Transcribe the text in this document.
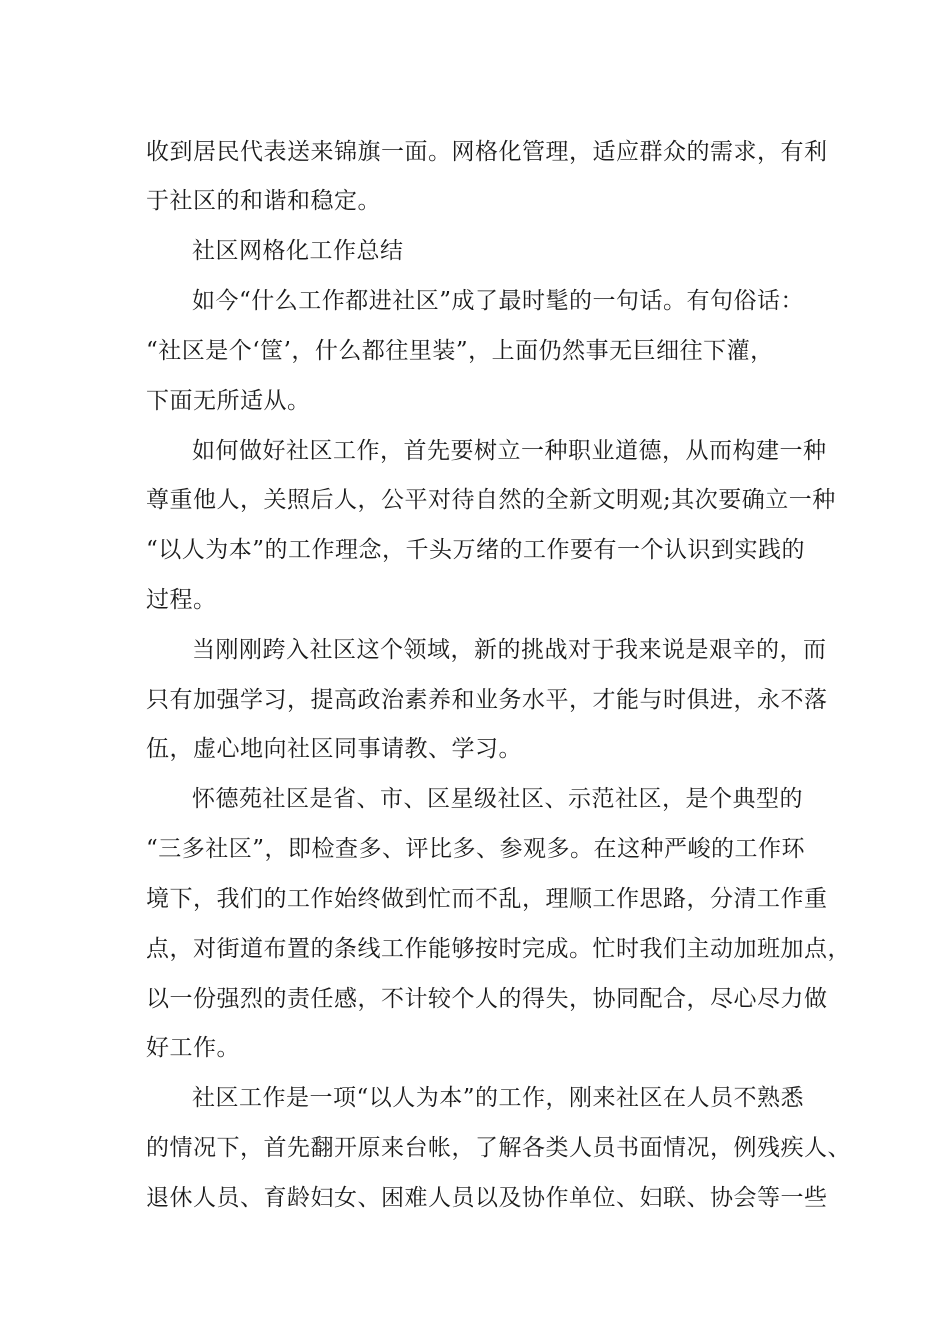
收到居民代表送来锦旗一面。网格化管理，适应群众的需求，有利
于社区的和谐和稳定。
社区网格化工作总结
如今“什么工作都进社区”成了最时髦的一句话。有句俗话：
“社区是个‘筐’，什么都往里装”，上面仍然事无巨细往下灌，
下面无所适从。
如何做好社区工作，首先要树立一种职业道德，从而构建一种
尊重他人，关照后人，公平对待自然的全新文明观;其次要确立一种
“以人为本”的工作理念，千头万绪的工作要有一个认识到实践的
过程。
当刚刚跨入社区这个领域，新的挑战对于我来说是艰辛的，而
只有加强学习，提高政治素养和业务水平，才能与时俱进，永不落
伍，虚心地向社区同事请教、学习。
怀德苑社区是省、市、区星级社区、示范社区，是个典型的
“三多社区”，即检查多、评比多、参观多。在这种严峻的工作环
境下，我们的工作始终做到忙而不乱，理顺工作思路，分清工作重
点，对街道布置的条线工作能够按时完成。忙时我们主动加班加点，
以一份强烈的责任感，不计较个人的得失，协同配合，尽心尽力做
好工作。
社区工作是一项“以人为本”的工作，刚来社区在人员不熟悉
的情况下，首先翻开原来台帐，了解各类人员书面情况，例残疾人、
退休人员、育龄妇女、困难人员以及协作单位、妇联、协会等一些
